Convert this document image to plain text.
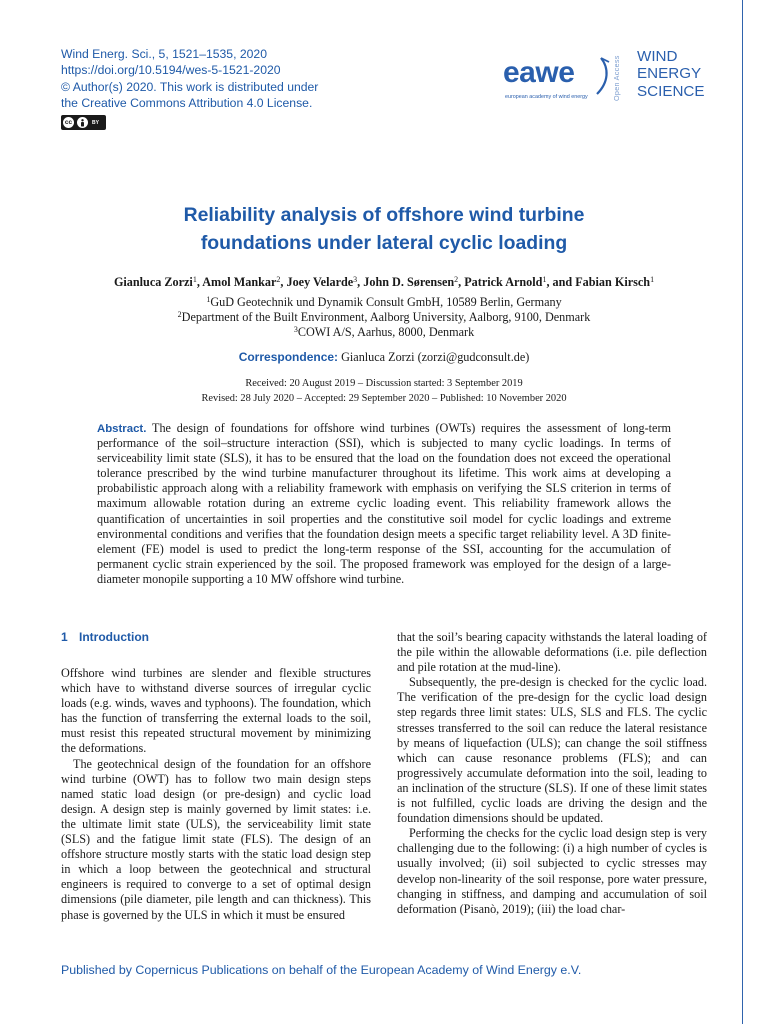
Wind Energ. Sci., 5, 1521–1535, 2020
https://doi.org/10.5194/wes-5-1521-2020
© Author(s) 2020. This work is distributed under
the Creative Commons Attribution 4.0 License.
cc	BY
eawe
european academy of wind energy	Open Access WIND
ENERGY
SCIENCE
Reliability analysis of offshore wind turbine
foundations under lateral cyclic loading
Gianluca Zorzi$^1$, Amol Mankar$^2$, Joey Velarde$^3$, John D. Sørensen$^2$, Patrick Arnold$^1$, and Fabian Kirsch$^1$
$^1$GuD Geotechnik und Dynamik Consult GmbH, 10589 Berlin, Germany
$^2$Department of the Built Environment, Aalborg University, Aalborg, 9100, Denmark
$^3$COWI A/S, Aarhus, 8000, Denmark
Correspondence: Gianluca Zorzi (zorzi@gudconsult.de)
Received: 20 August 2019 – Discussion started: 3 September 2019
Revised: 28 July 2020 – Accepted: 29 September 2020 – Published: 10 November 2020
Abstract. The design of foundations for offshore wind turbines (OWTs) requires the assessment of long-term performance of the soil–structure interaction (SSI), which is subjected to many cyclic loadings. In terms of serviceability limit state (SLS), it has to be ensured that the load on the foundation does not exceed the operational tolerance prescribed by the wind turbine manufacturer throughout its lifetime. This work aims at developing a probabilistic approach along with a reliability framework with emphasis on verifying the SLS criterion in terms of maximum allowable rotation during an extreme cyclic loading event. This reliability framework allows the quantification of uncertainties in soil properties and the constitutive soil model for cyclic loadings and extreme environmental conditions and verifies that the foundation design meets a specific target reliability level. A 3D finite-element (FE) model is used to predict the long-term response of the SSI, accounting for the accumulation of permanent cyclic strain experienced by the soil. The proposed framework was employed for the design of a large-diameter monopile supporting a 10 MW offshore wind turbine.
1 Introduction

Offshore wind turbines are slender and flexible structures which have to withstand diverse sources of irregular cyclic loads (e.g. winds, waves and typhoons). The foundation, which has the function of transferring the external loads to the soil, must resist this repeated structural movement by minimizing the deformations.

The geotechnical design of the foundation for an offshore wind turbine (OWT) has to follow two main design steps named static load design (or pre-design) and cyclic load design. A design step is mainly governed by limit states: i.e. the ultimate limit state (ULS), the serviceability limit state (SLS) and the fatigue limit state (FLS). The design of an offshore structure mostly starts with the static load design step in which a loop between the geotechnical and structural engineers is required to converge to a set of optimal design dimensions (pile diameter, pile length and can thickness). This phase is governed by the ULS in which it must be ensured

that the soil’s bearing capacity withstands the lateral loading of the pile within the allowable deformations (i.e. pile deflection and pile rotation at the mud-line).

Subsequently, the pre-design is checked for the cyclic load. The verification of the pre-design for the cyclic load design step regards three limit states: ULS, SLS and FLS. The cyclic stresses transferred to the soil can reduce the lateral resistance by means of liquefaction (ULS); can change the soil stiffness which can cause resonance problems (FLS); and can progressively accumulate deformation into the soil, leading to an inclination of the structure (SLS). If one of these limit states is not fulfilled, cyclic loads are driving the design and the foundation dimensions should be updated.

Performing the checks for the cyclic load design step is very challenging due to the following: (i) a high number of cycles is usually involved; (ii) soil subjected to cyclic stresses may develop non-linearity of the soil response, pore water pressure, changing in stiffness, and damping and accumulation of soil deformation (Pisanò, 2019); (iii) the load char-

Published by Copernicus Publications on behalf of the European Academy of Wind Energy e.V.
